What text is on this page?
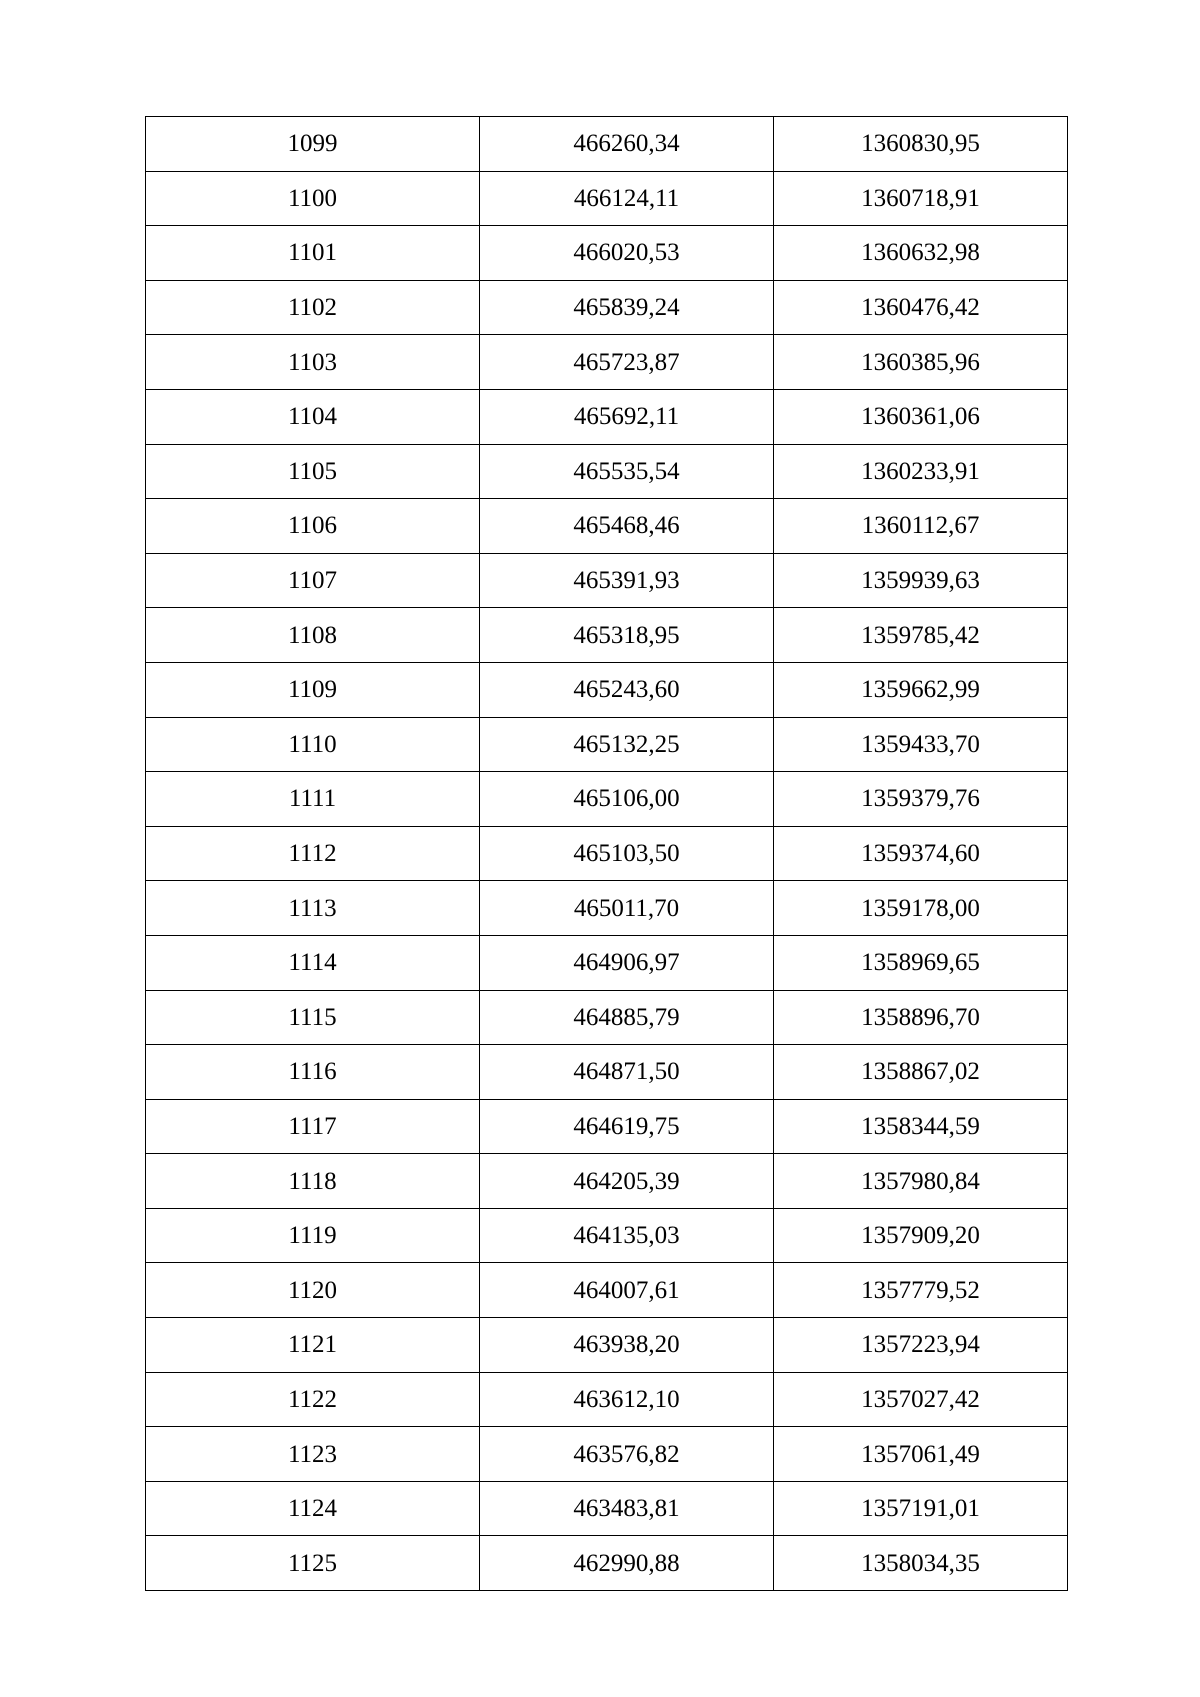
1099	466260,34	1360830,95
1100	466124,11	1360718,91
1101	466020,53	1360632,98
1102	465839,24	1360476,42
1103	465723,87	1360385,96
1104	465692,11	1360361,06
1105	465535,54	1360233,91
1106	465468,46	1360112,67
1107	465391,93	1359939,63
1108	465318,95	1359785,42
1109	465243,60	1359662,99
1110	465132,25	1359433,70
1111	465106,00	1359379,76
1112	465103,50	1359374,60
1113	465011,70	1359178,00
1114	464906,97	1358969,65
1115	464885,79	1358896,70
1116	464871,50	1358867,02
1117	464619,75	1358344,59
1118	464205,39	1357980,84
1119	464135,03	1357909,20
1120	464007,61	1357779,52
1121	463938,20	1357223,94
1122	463612,10	1357027,42
1123	463576,82	1357061,49
1124	463483,81	1357191,01
1125	462990,88	1358034,35
